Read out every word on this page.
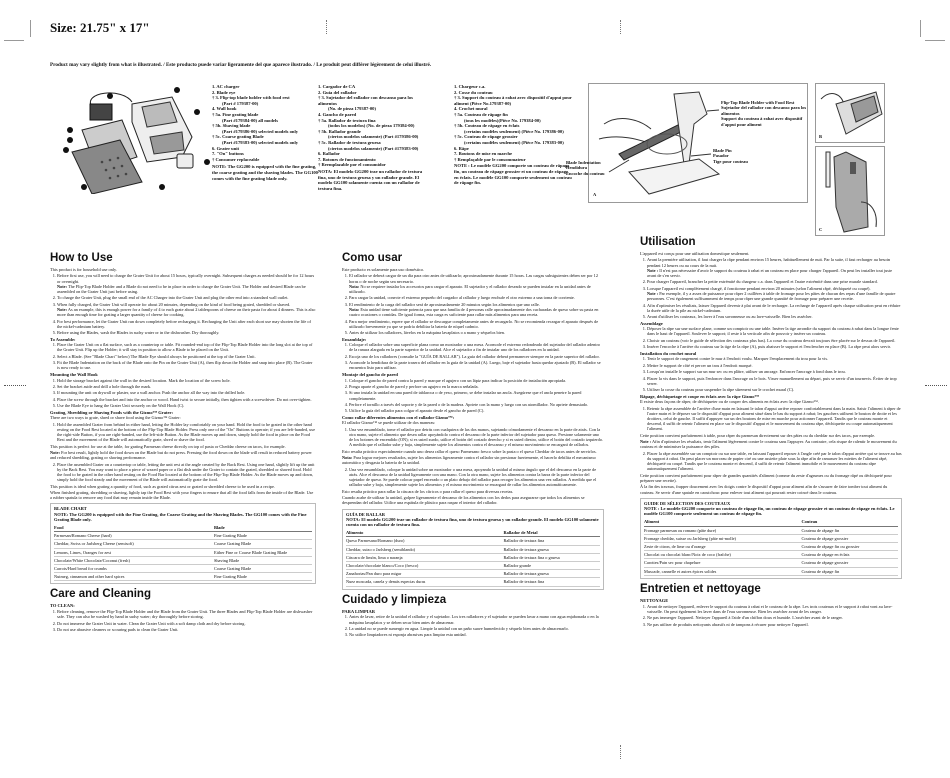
Size: 21.75" x 17"
Product may vary slightly from what is illustrated. / Este producto puede variar ligeramente del que aparece ilustrado. / Le produit peut différer légèrement de celui illustré.
1. AC charger
2. Blade eye
† 3. Flip-top blade holder with food rest
(Part # 179387-00)
4. Wall hook
† 5a. Fine grating blade
(Part #179384-00) all models
† 5b. Shaving blade
(Part #179386-00) selected models only
† 5c. Coarse grating Blade
(Part #179383-00) selected models only
6. Grater unit
7. "On" buttons
† Consumer replaceable
NOTE: The GG200 is equipped with the fine grating, the coarse grating and the shaving blades. The GG100 comes with the fine grating blade only.
1. Cargador de CA
2. Guía del rallador
† 3. Sujetador del rallador con descanso para los alimentos
(No. de pieza 179387-00)
4. Gancho de pared
† 5a. Rallador de textura fina
(todos los modelos) (No. de pieza 179384-00)
† 5b. Rallador grande
(ciertos modelos solamente) (Part #179386-00)
† 5c. Rallador de textura gruesa
(ciertos modelos solamente) (Part #179383-00)
6. Rallador
7. Botones de funcionamiento
† Reemplazable por el consumidor
NOTA: El modelo GG200 trae un rallador de textura fina, uno de textura gruesa y un rallador grande. El modelo GG100 solamente cuenta con un rallador de textura fina.
1. Chargeur c.a.
2. Cosse du couteau
† 3. Support du couteau à rabat avec dispositif d'appui pour aliment (Pièce No.179387-00)
4. Crochet mural
† 5a. Couteau de râpage fin
(tous les modèles)(Pièce No. 179384-00)
† 5b. Couteau de râpage en éclats
(certains modèles seulement) (Pièce No. 179386-00)
† 5c. Couteau de râpage grossier
(certains modèles seulement) (Pièce No. 179383-00)
6. Râpe
7. Boutons de mise en marche
† Remplaçable par le consommateur
NOTE : Le modèle GG200 comporte un couteau de râpage fin, un couteau de râpage grossier et un couteau de râpage en éclats. Le modèle GG100 comporte seulement un couteau de râpage fin.
Flip-Top Blade Holder with Food Rest
Sujetador del rallador con descanso para los alimentos
Support du couteau à rabat avec dispositif d'appui pour aliment
Blade Pin
Pasador
Tige pour couteau
A
Blade Indentation
Hendidura
Encoche du couteau
B
C
How to Use

This product is for household use only.

1. Before first use, you will need to charge the Grater Unit for about 15 hours, typically overnight. Subsequent charges as needed should be for 12 hours or overnight.
Note: The Flip-Top Blade Holder and a Blade do not need to be in place in order to charge the Grater Unit. The Holder and desired Blade can be assembled on the Grater Unit just before using.
2. To charge the Grater Unit, plug the small end of the AC Charger into the Grater Unit and plug the other end into a standard wall outlet.
3. When fully charged, the Grater Unit will operate for about 20 minutes, depending on the kind of food being grated, shredded or shaved.
Note: As an example, this is enough power for a family of 4 to each grate about 2 tablespoons of cheese on their pasta for about 4 dinners. This is also more than enough time for grating a larger quantity of cheese for cooking.
4. For best performance, let the Grater Unit run down completely before recharging it. Recharging the Unit after each short use may shorten the life of the nickel-cadmium battery.
5. Before using the Blades, wash the Blades in sudsy water or in the dishwasher. Dry thoroughly.
To Assemble:
1. Place the Grater Unit on a flat surface, such as a countertop or table. Fit rounded-end top of the Flip-Top Blade Holder into the long slot at the top of the Grater Unit. Flip up the Holder; it will stay in position to allow a Blade to be placed on the Unit.
2. Select a Blade. (See "Blade Chart" below) The Blade Eye should always be positioned at the top of the Grater Unit.
3. Fit the Blade Indentation on the back of the Blade onto the Pin on the Grater Unit (A), then flip down the Holder and snap into place (B). The Grater is now ready to use.
Mounting the Wall Hook
1. Hold the storage bracket against the wall in the desired location. Mark the location of the screw hole.
2. Set the bracket aside and drill a hole through the mark.
3. If mounting the unit on drywall or plaster, use a wall anchor. Push the anchor all the way into the drilled hole.
4. Place the screw through the bracket and into the anchor or wood. Hand twist to secure initially, then tighten with a screwdriver. Do not over-tighten.
5. Use the Blade Eye to hang the Grater Unit securely on the Wall Hook (C).
Grating, Shredding or Shaving Foods with the Gizmo™ Grater:

There are two ways to grate, shred or shave food using the Gizmo™ Grater:

1. Hold the assembled Grater from behind in either hand, letting the Holder lay comfortably on your hand. Hold the food to be grated in the other hand resting on the Food Rest located at the bottom of the Flip-Top Blade Holder. Press only one of the "On" Buttons to operate; if you are left-handed, use the right-side Button, if you are right-handed, use the left-side Button. As the Blade moves up and down, simply hold the food in place on the Food Rest and the movement of the Blade will automatically grate, shred or shave the food.

This position is perfect for use at the table, for grating Parmesan cheese directly on top of pasta or Cheddar cheese on tacos, for example.

Note: For best result, lightly hold the food down on the Blade but do not press. Pressing the food down on the blade will result in reduced battery power and reduced shredding, grating or shaving performance.

2. Place the assembled Grater on a countertop or table, letting the unit rest at the angle created by the Back Rest. Using one hand, slightly lift up the unit by the Back Rest. You may want to place a piece of waxed paper or a flat dish under the Grater to contain the grated, shredded or shaved food. Hold the food to be grated in the other hand resting on the Food Bar located at the bottom of the Flip-Top Blade Holder. As the Blade moves up and down, simply hold the food steady and the movement of the Blade will automatically grate the food.

This position is ideal when grating a quantity of food, such as grated citrus zest or grated or shredded cheese to be used in a recipe.

When finished grating, shredding or shaving, lightly tap the Food Rest with your fingers to ensure that all the food falls from the inside of the Blade. Use a rubber spatula to remove any food that may remain inside the Blade.

BLADE CHART
NOTE: The GG200 is equipped with the Fine Grating, the Coarse Grating and the Shaving Blades. The GG100 comes with the Fine Grating Blade only.
Food	Blade
Parmesan/Romano Cheese (hard)	Fine Grating Blade
Cheddar, Swiss or Jarlsberg Cheese (semisoft)	Coarse Grating Blade
Lemons, Limes, Oranges for zest	Either Fine or Coarse Blade Grating Blade
Chocolate/White Chocolate/Coconut (fresh)	Shaving Blade
Carrots/Hard bread for crumbs	Coarse Grating Blade
Nutmeg, cinnamon and other hard spices	Fine Grating Blade
Care and Cleaning
TO CLEAN:
1. Before cleaning, remove the Flip-Top Blade Holder and the Blade from the Grater Unit. The three Blades and Flip-Top Blade Holder are dishwasher safe. They can also be washed by hand in sudsy water; dry thoroughly before storing.
2. Do not immerse the Grater Unit in water. Clean the Grater Unit with a soft damp cloth and dry before storing.
3. Do not use abrasive cleaners or scouring pads to clean the Grater Unit.
Como usar

Este producto es solamente para uso doméstico.

1. El rallador se deberá cargar de un día para otro antes de utilizarlo; aproximadamente durante 15 horas. Las cargas subsiguientes deben ser por 12 horas o de noche según sea necesario.
Nota: No se requiere instalar los accesorios para cargar el aparato. El sujetador y el rallador deseado se pueden instalar en la unidad antes de utilizarlo.
2. Para cargar la unidad, conecte el extremo pequeño del cargador al rallador y luego enchufe el otro extremo a una toma de corriente.
3. El rendimiento de la carga del rallador será de aproximadamente 20 minutos según los alimentos que uno ralle.
Nota: Esta unidad tiene suficiente potencia para que una familia de 4 personas ralle aproximadamente dos cucharadas de queso sobre su pasta en cuatro ocasiones o comidas. De igual forma, esta carga es suficiente para rallar más alimentos para una receta.
4. Para mejor rendimiento, espere que el rallador se descargue completamente antes de recargarlo. No se recomienda recargar el aparato después de utilizarlo brevemente ya que se podría debilitar la batería de níquel cadmio.
5. Antes de utilizar los ralladores, lávelos en la máquina lavaplatos o a mano y séquelos bien.
Ensamblaje:
1. Coloque el rallador sobre una superficie plana como un mostrador o una mesa. Acomode el extremo redondeado del sujetador del rallador adentro de la ranura alargada en la parte superior de la unidad. Alce el sujetador a fin de instalar uno de los ralladores en la unidad.
2. Escoja uno de los ralladores (consulte la "GUÍA DE RALLAR"). La guía del rallador deberá permanecer siempre en la parte superior del rallador.
3. Acomode la hendidura de la parte trasera del rallador en la guía de la unidad (A). Luego, baje el sujetador hasta quedar ajustado (B). El rallador se encuentra listo para utilizar.
Montaje del gancho de pared
1. Coloque el gancho de pared contra la pared y marque el agujero con un lápiz para indicar la posición de instalación apropiada.
2. Ponga aparte el gancho de pared y perfore un agujero en la marca señalada.
3. Si uno instala la unidad en una pared de tablaroca o de yeso, primero, se debe instalar un ancla. Asegúrese que el ancla penetre la pared completamente.
4. Perfore el tornillo a través del soporte y de la pared o de la madera. Apriete con la mano y luego con un atornillador. No apriete demasiado.
5. Utilice la guía del rallador para colgar el aparato desde el gancho de pared (C).
Como rallar diferentes alimentos con el rallador Gizmo™:

El rallador Gizmo™ se puede utilizar de dos maneras:

1. Una vez ensamblado, tome el rallador por detrás con cualquiera de las dos manos, sujetando cómodamente el descanso en la parte de atrás. Con la otra mano, sujete el alimento que desea rallar apoyándolo contra el descanso de la parte inferior del sujetador para queso. Presione solamente uno de los botones de encendido (ON); si es usted zurdo, utilice el botón del costado derecho y si es usted diestro, utilice el botón del costado izquierdo. A medida que el rallador sube y baja, simplemente sujete los alimentos contra el descanso y el mismo movimiento se encargará de rallarlos.

Esto resulta práctico especialmente cuando uno desea rallar el queso Parmesano fresco sobre la pasta o el queso Cheddar de tacos antes de servirlos.

Nota: Para lograr mejores resultados, sujete los alimentos ligeramente contra el rallador sin presionar fuertemente, el hacerlo debilita el mecanismo automático y desgasta la batería de la unidad.

2. Una vez ensamblado, coloque la unidad sobre un mostrador o una mesa, apoyando la unidad al mismo ángulo que el del descanso en la parte de atrás. Alce el descanso de la unidad ligeramente con una mano. Con la otra mano, sujete los alimentos contra la barra de la parte inferior del sujetador de queso. Se puede colocar papel encerado o un plato debajo del rallador para recoger los alimentos una vez rallados. A medida que el rallador sube y baja, simplemente sujete los alimentos y el mismo movimiento se encargará de rallar los alimentos automáticamente.

Esto resulta práctico para rallar la cáscara de los cítricos o para rallar el queso para diversas recetas.

Cuando acabe de utilizar la unidad, golpee ligeramente el descanso de los alimentos con los dedos para asegurarse que todos los alimentos se desprendan del rallador. Utilice una espátula de plástico para raspar el interior del rallador.

GUÍA DE RALLAR
NOTA: El modelo GG200 trae un rallador de textura fina, uno de textura gruesa y un rallador grande. El modelo GG100 solamente cuenta con un rallador de textura fina.
Alimento	Rallador de Metal
Queso Parmesano/Romano (duro)	Rallador de textura fina
Cheddar, suizo o Jarlsberg (semiblando)	Rallador de textura gruesa
Cáscara de limón, lima o naranja	Rallador de textura fina o gruesa
Chocolate/chocolate blanco/Coco (fresco)	Rallador grande
Zanahorias/Pan duro para migar	Rallador de textura gruesa
Nuez moscada, canela y demás especias duras	Rallador de textura fina
Cuidado y limpieza
PARA LIMPIAR
1. Antes de lavar, retire de la unidad el rallador y el sujetador. Los tres ralladores y el sujetador se pueden lavar a mano con agua enjabonada o en la máquina lavaplatos y se deben secar bien antes de almacenar.
2. La unidad no se puede sumergir en agua. Limpie la unidad con un paño suave humedecido y séquelo bien antes de almacenarlo.
3. No utilice limpiadores ni esponja abrasivas para limpiar esta unidad.
Utilisation

L'appareil est conçu pour une utilisation domestique seulement.

1. Avant la première utilisation, il faut charger la râpe pendant environ 15 heures, habituellement de nuit. Par la suite, il faut recharger au besoin pendant 12 heures ou au cours de la nuit.
Note : Il n'est pas nécessaire d'avoir le support du couteau à rabat et un couteau en place pour charger l'appareil. On peut les installer tout juste avant de s'en servir.
2. Pour charger l'appareil, brancher la petite extrémité du chargeur c.a. dans l'appareil et l'autre extrémité dans une prise murale standard.
3. Lorsque l'appareil est complètement chargé, il fonctionne pendant environ 20 minutes (selon l'aliment râpé, déchiqueté ou coupé).
Note : Par exemple, il y a assez de puissance pour râper 2 cuillères à table de fromage pour les pâtes de chacun des repas d'une famille de quatre personnes. C'est également suffisamment de temps pour râper une grande quantité de fromage pour préparer une recette.
4. Afin d'optimiser les résultats, laisser l'appareil devenir à plat avant de le recharger. La recharge de l'appareil après chaque utilisation peut en réduire la durée utile de la pile au nickel-cadmium.
5. Avant d'utiliser les couteaux, les laver à l'eau savonneuse ou au lave-vaisselle. Bien les assécher.
Assemblage
1. Déposer la râpe sur une surface plane, comme un comptoir ou une table. Insérer la tige arrondie du support du couteau à rabat dans la longue fente dans le haut de l'appareil. Soulever le support; il reste à la verticale afin de pouvoir y insérer un couteau.
2. Choisir un couteau (voir le guide de sélection des couteaux plus bas). La cosse du couteau devrait toujours être placée sur le dessus de l'appareil.
3. Insérer l'encoche à l'arrière du couteau sur la tige de la râpe (A), puis abaisser le support et l'enclencher en place (B). La râpe peut alors servir.
Installation du crochet mural
1. Tenir le support de rangement contre le mur à l'endroit voulu. Marquer l'emplacement du trou pour la vis.
2. Mettre le support de côté et percer un trou à l'endroit marqué.
3. Lorsqu'on installe le support sur un mur sec ou en plâtre, utiliser un ancrage. Enfoncer l'ancrage à fond dans le trou.
4. Placer la vis dans le support, puis l'enfoncer dans l'ancrage ou le bois. Visser manuellement au départ, puis se servir d'un tournevis. Éviter de trop serrer.
5. Utiliser la cosse du couteau pour suspendre la râpe sûrement sur le crochet mural (C).
Râpage, déchiquetage et coupe en éclats avec la râpe Gizmo™

Il existe deux façons de râper, de déchiqueter ou de couper des aliments en éclats avec la râpe Gizmo™.

1. Retenir la râpe assemblée de l'arrière d'une main en laissant le talon d'appui arrière reposer confortablement dans la main. Saisir l'aliment à râper de l'autre main et le déposer sur le dispositif d'appui pour aliment situé dans le bas du support à rabat; les gauchers utilisent le bouton de droite et les droitiers, celui de gauche. Il suffit d'appuyer sur un des boutons de mise en marche pour actionner l'appareil. Tandis que le couteau monte et descend, il suffit de retenir l'aliment en place sur le dispositif d'appui et le mouvement du couteau râpe, déchiquette ou coupe automatiquement l'aliment.

Cette position convient parfaitement à table, pour râper du parmesan directement sur des pâtes ou du cheddar sur des tacos, par exemple.

Note : Afin d'optimiser les résultats, tenir l'aliment légèrement contre le couteau sans l'appuyer. Au contraire, cela risque de ralentir le mouvement du couteau et de minimiser la puissance des piles.

2. Placer la râpe assemblée sur un comptoir ou sur une table, en laissant l'appareil reposer à l'angle créé par le talon d'appui arrière qui se trouve au bas du support à rabat. On peut placer un morceau de papier ciré ou une assiette plate sous la râpe afin de ramasser les miettes de l'aliment râpé, déchiqueté ou coupé. Tandis que le couteau monte et descend, il suffit de retenir l'aliment immobile et le mouvement du couteau râpe automatiquement l'aliment.

Cette position convient parfaitement pour râper de grandes quantités d'aliment (comme du zeste d'agrumes ou du fromage râpé ou déchiqueté pour préparer une recette).

À la fin des travaux, frapper doucement avec les doigts contre le dispositif d'appui pour aliment afin de s'assurer de faire tomber tout aliment du couteau. Se servir d'une spatule en caoutchouc pour enlever tout aliment qui pourrait rester coincé dans le couteau.

GUIDE DE SÉLECTION DES COUTEAUX
NOTE : Le modèle GG200 comporte un couteau de râpage fin, un couteau de râpage grossier et un couteau de râpage en éclats. Le modèle GG100 comporte seulement un couteau de râpage fin.
Aliment	Couteau
Fromage parmesan ou romano (pâte dure)	Couteau de râpage fin
Fromage cheddar, suisse ou Jarlsberg (pâte mi-molle)	Couteau de râpage grossier
Zeste de citron, de lime ou d'orange	Couteau de râpage fin ou grossier
Chocolat ou chocolat blanc/Noix de coco (fraîche)	Couteau de râpage en éclats
Carottes/Pain sec pour chapelure	Couteau de râpage grossier
Muscade, cannelle et autres épices solides	Couteau de râpage fin
Entretien et nettoyage
NETTOYAGE
1. Avant de nettoyer l'appareil, enlever le support du couteau à rabat et le couteau de la râpe. Les trois couteaux et le support à rabat vont au lave-vaisselle. On peut également les laver dans de l'eau savonneuse. Bien les assécher avant de les ranger.
2. Ne pas immerger l'appareil. Nettoyer l'appareil à l'aide d'un chiffon doux et humide. L'assécher avant de le ranger.
3. Ne pas utiliser de produits nettoyants abrasifs ni de tampons à récurer pour nettoyer l'appareil.
